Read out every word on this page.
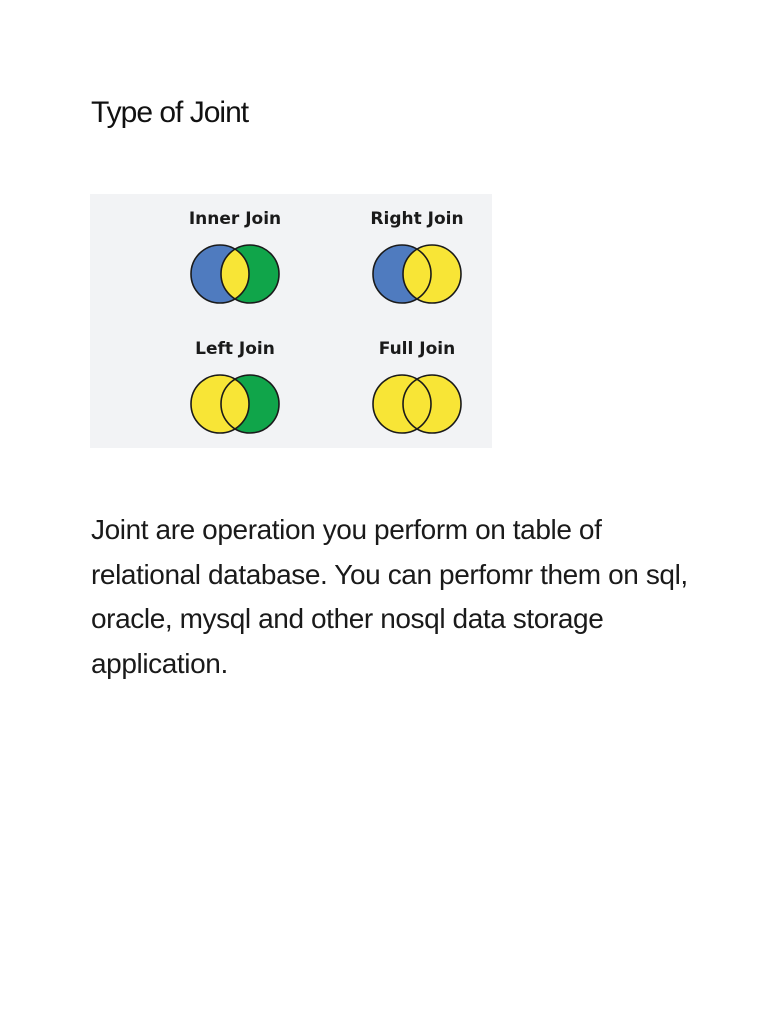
Type of Joint
Inner Join	Right Join
Left Join	Full Join

Joint are operation you perform on table of relational database. You can perfomr them on sql, oracle, mysql and other nosql data storage application.
